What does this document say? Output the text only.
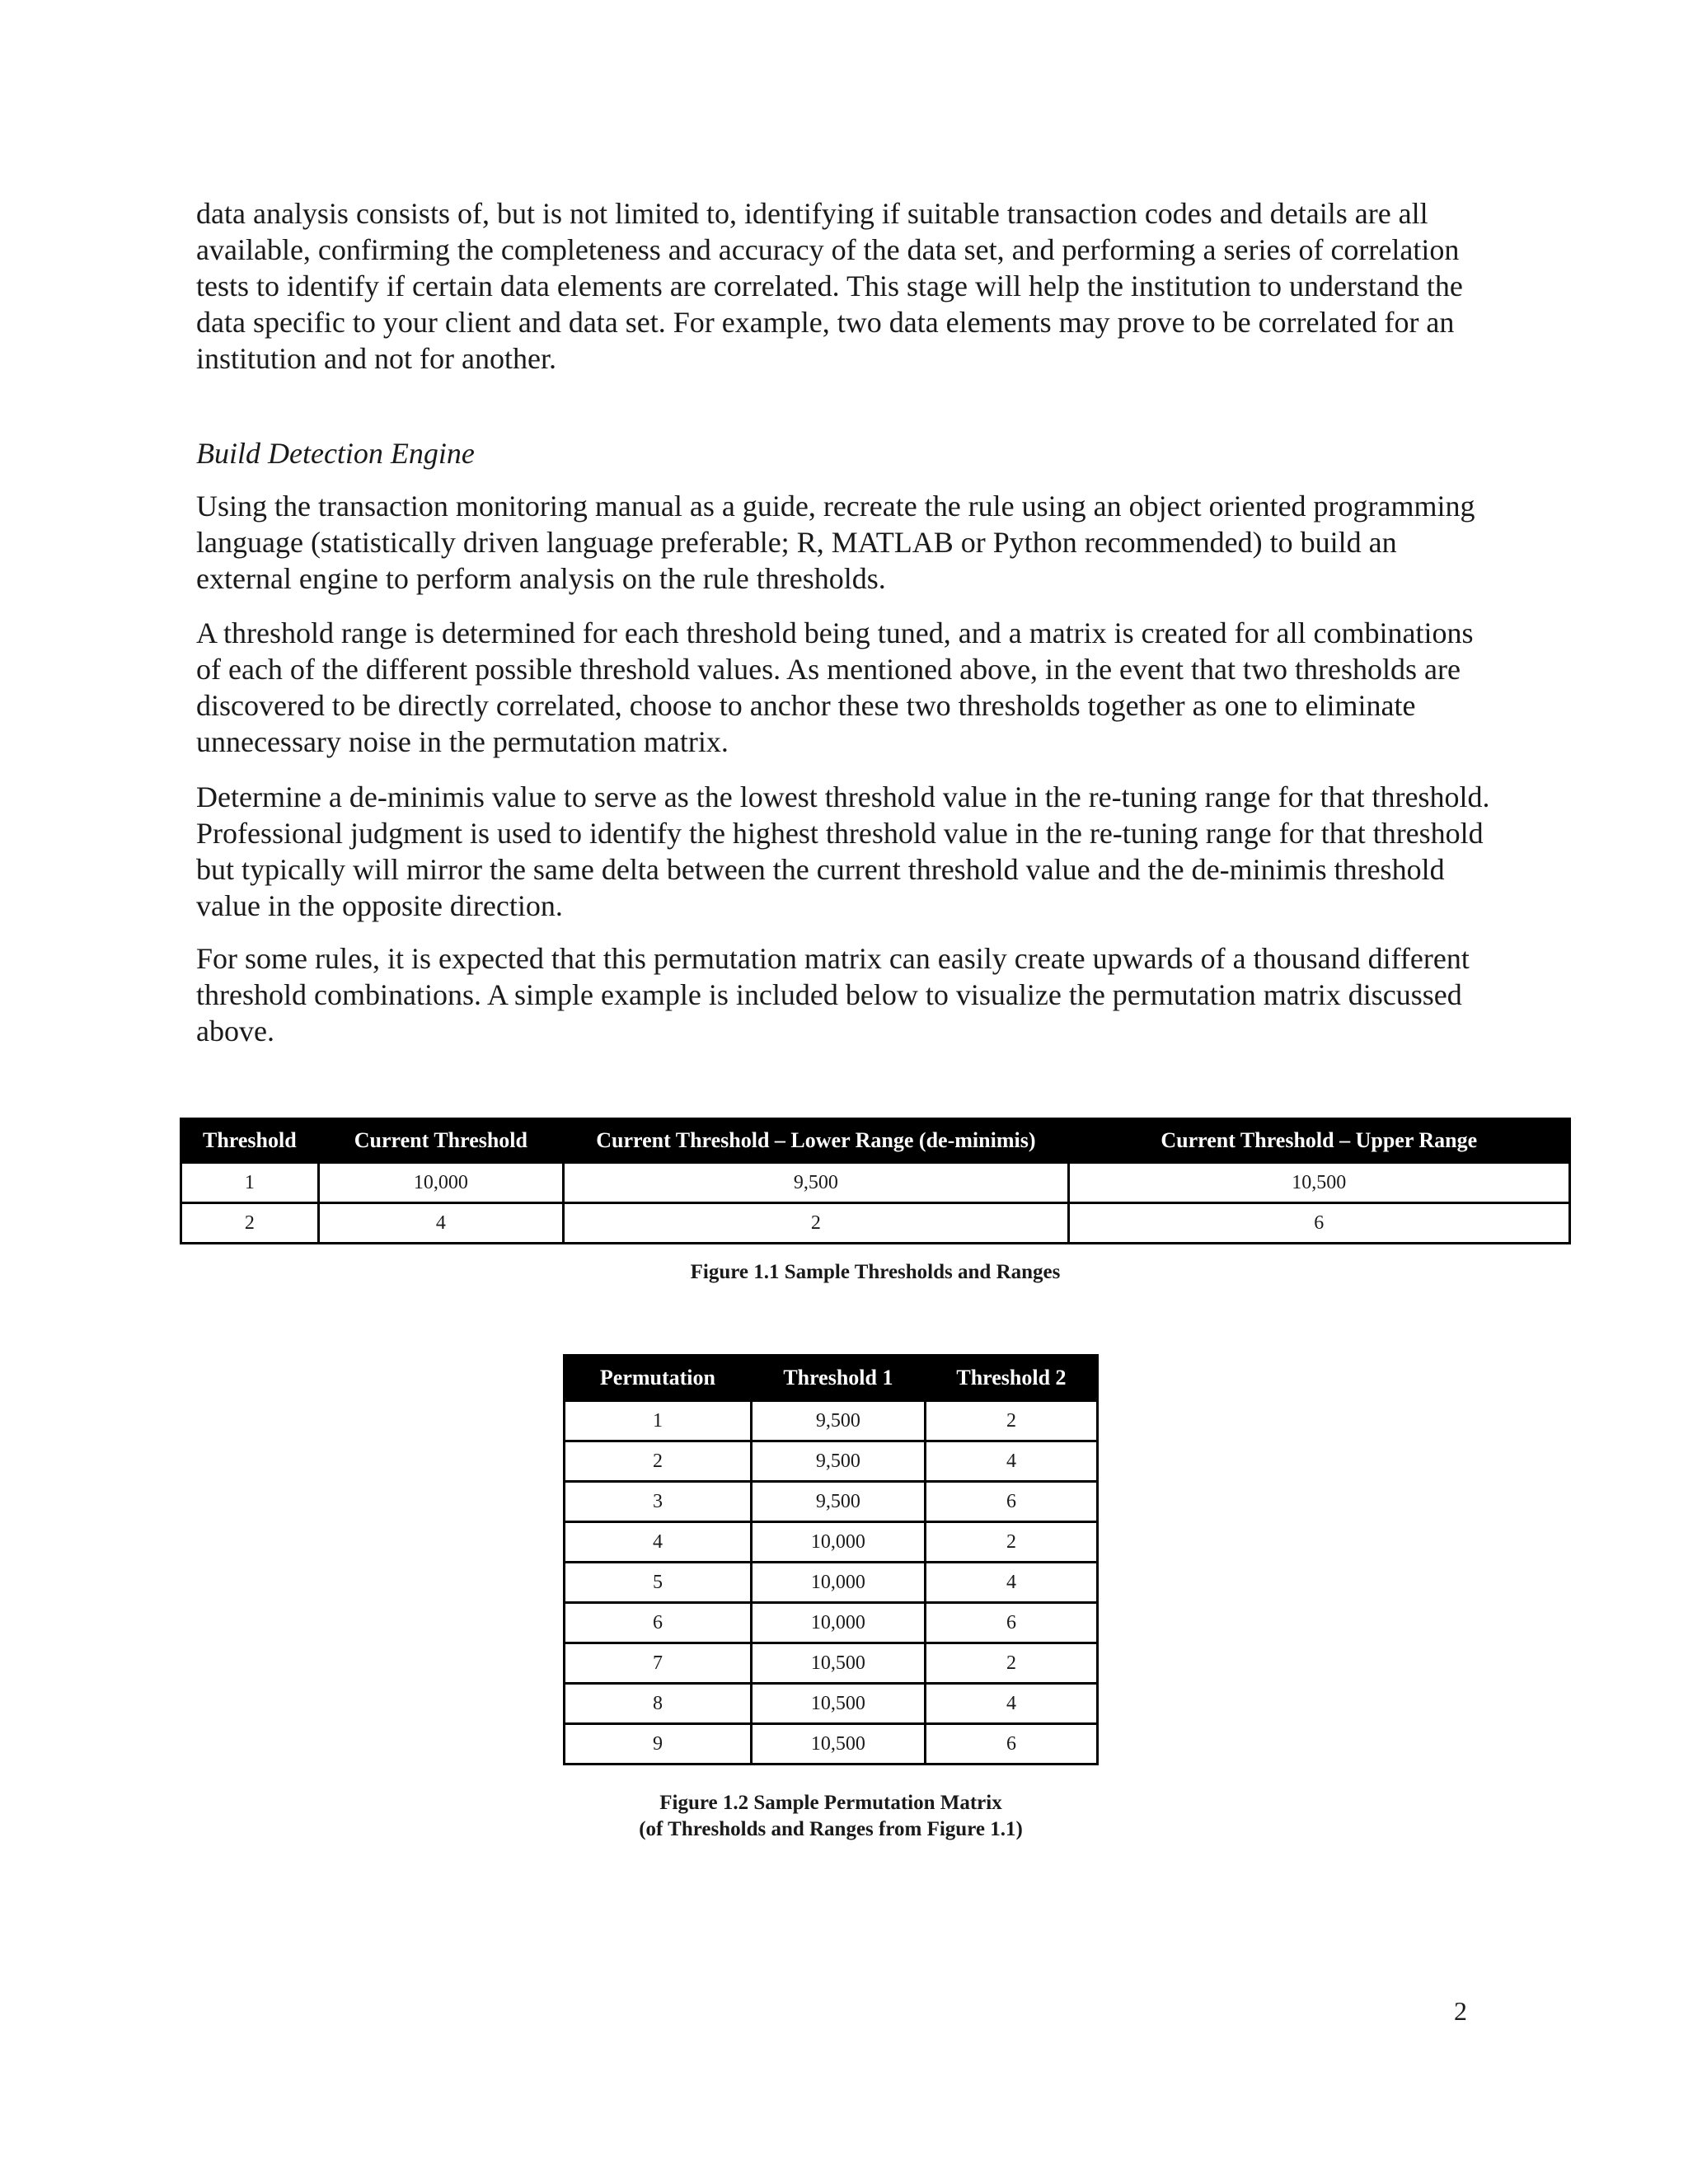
data analysis consists of, but is not limited to, identifying if suitable transaction codes and details are all available, confirming the completeness and accuracy of the data set, and performing a series of correlation tests to identify if certain data elements are correlated. This stage will help the institution to understand the data specific to your client and data set. For example, two data elements may prove to be correlated for an institution and not for another.

Build Detection Engine

Using the transaction monitoring manual as a guide, recreate the rule using an object oriented programming language (statistically driven language preferable; R, MATLAB or Python recommended) to build an external engine to perform analysis on the rule thresholds.

A threshold range is determined for each threshold being tuned, and a matrix is created for all combinations of each of the different possible threshold values. As mentioned above, in the event that two thresholds are discovered to be directly correlated, choose to anchor these two thresholds together as one to eliminate unnecessary noise in the permutation matrix.

Determine a de-minimis value to serve as the lowest threshold value in the re-tuning range for that threshold. Professional judgment is used to identify the highest threshold value in the re-tuning range for that threshold but typically will mirror the same delta between the current threshold value and the de-minimis threshold value in the opposite direction.

For some rules, it is expected that this permutation matrix can easily create upwards of a thousand different threshold combinations. A simple example is included below to visualize the permutation matrix discussed above.

Threshold	Current Threshold	Current Threshold – Lower Range (de-minimis)	Current Threshold – Upper Range
1	10,000	9,500	10,500
2	4	2	6
Figure 1.1 Sample Thresholds and Ranges
Permutation	Threshold 1	Threshold 2
1	9,500	2
2	9,500	4
3	9,500	6
4	10,000	2
5	10,000	4
6	10,000	6
7	10,500	2
8	10,500	4
9	10,500	6
Figure 1.2 Sample Permutation Matrix
(of Thresholds and Ranges from Figure 1.1)
2
